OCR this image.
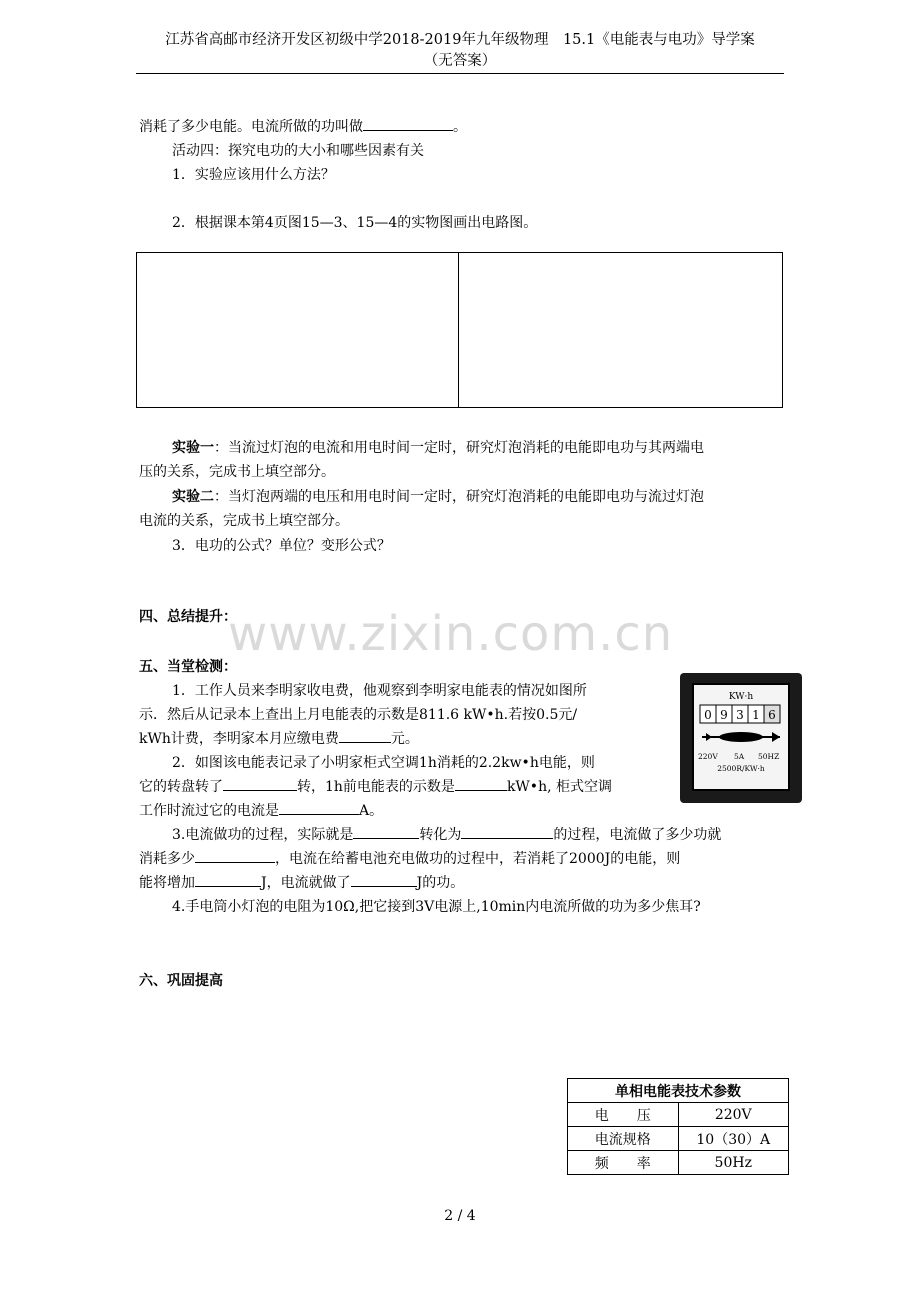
江苏省高邮市经济开发区初级中学2018-2019年九年级物理　15.1《电能表与电功》导学案
（无答案）
消耗了多少电能。电流所做的功叫做	。
活动四：探究电功的大小和哪些因素有关
1．实验应该用什么方法？
2．根据课本第4页图15—3、15—4的实物图画出电路图。
实验一：当流过灯泡的电流和用电时间一定时，研究灯泡消耗的电能即电功与其两端电
压的关系，完成书上填空部分。
实验二：当灯泡两端的电压和用电时间一定时，研究灯泡消耗的电能即电功与流过灯泡
电流的关系，完成书上填空部分。
3．电功的公式？单位？变形公式？
四、总结提升：
www.zixin.com.cn
五、当堂检测：
1．工作人员来李明家收电费，他观察到李明家电能表的情况如图所
示．然后从记录本上查出上月电能表的示数是811.6 kW•h.若按0.5元/
kWh计费，李明家本月应缴电费	元。
2．如图该电能表记录了小明家柜式空调1h消耗的2.2kw•h电能，则
它的转盘转了	转，1h前电能表的示数是	kW•h, 柜式空调
工作时流过它的电流是	A。
KW·h
0 9 3 1 6
220V 5A 50HZ
2500R/KW·h
3.电流做功的过程，实际就是	转化为	的过程，电流做了多少功就
消耗多少	，电流在给蓄电池充电做功的过程中，若消耗了2000J的电能，则
能将增加	J，电流就做了	J的功。
4.手电筒小灯泡的电阻为10Ω,把它接到3V电源上,10min内电流所做的功为多少焦耳?
六、巩固提高
单相电能表技术参数	
电　　压	220V
电流规格	10（30）A
频　　率	50Hz
2 / 4
